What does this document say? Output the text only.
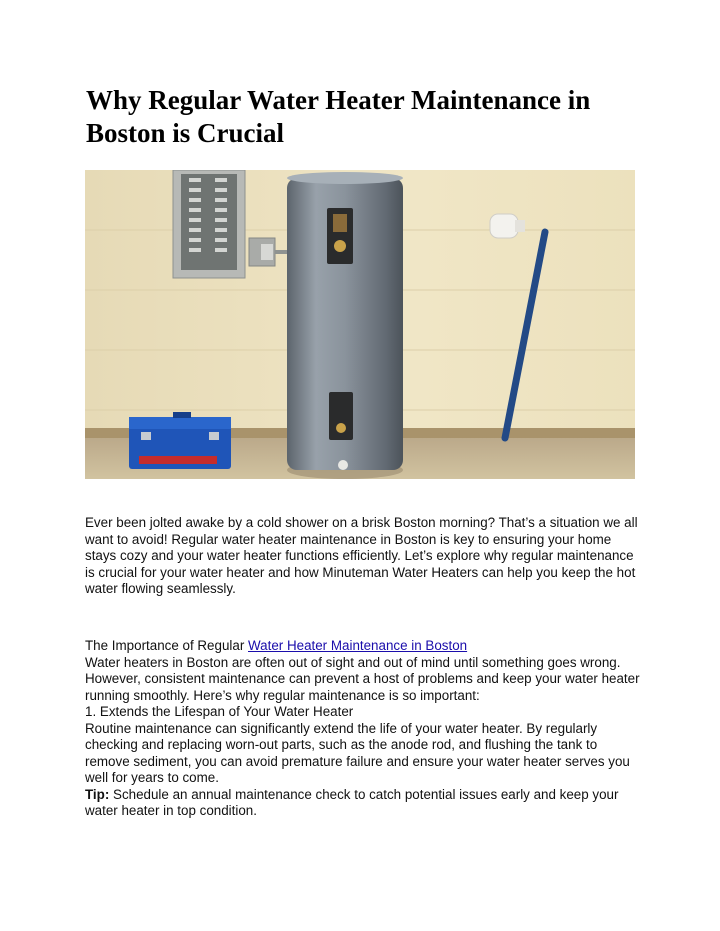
Why Regular Water Heater Maintenance in Boston is Crucial
Ever been jolted awake by a cold shower on a brisk Boston morning? That’s a situation we all want to avoid! Regular water heater maintenance in Boston is key to ensuring your home stays cozy and your water heater functions efficiently. Let’s explore why regular maintenance is crucial for your water heater and how Minuteman Water Heaters can help you keep the hot water flowing seamlessly.

The Importance of Regular Water Heater Maintenance in Boston

Water heaters in Boston are often out of sight and out of mind until something goes wrong. However, consistent maintenance can prevent a host of problems and keep your water heater running smoothly. Here’s why regular maintenance is so important:

1. Extends the Lifespan of Your Water Heater

Routine maintenance can significantly extend the life of your water heater. By regularly checking and replacing worn-out parts, such as the anode rod, and flushing the tank to remove sediment, you can avoid premature failure and ensure your water heater serves you well for years to come.

Tip: Schedule an annual maintenance check to catch potential issues early and keep your water heater in top condition.
